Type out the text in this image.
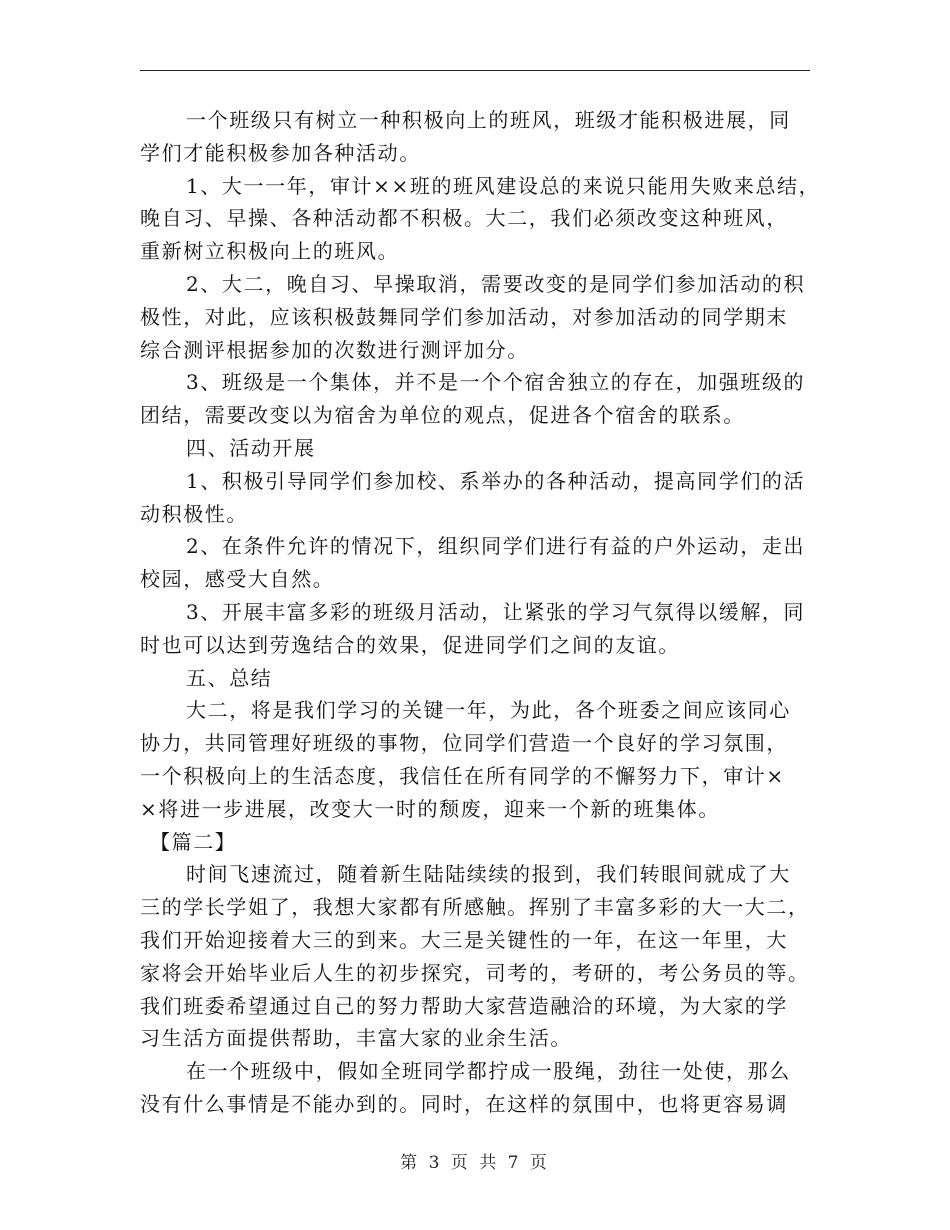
一个班级只有树立一种积极向上的班风，班级才能积极进展，同
学们才能积极参加各种活动。
1、大一一年，审计××班的班风建设总的来说只能用失败来总结，
晚自习、早操、各种活动都不积极。大二，我们必须改变这种班风，
重新树立积极向上的班风。
2、大二，晚自习、早操取消，需要改变的是同学们参加活动的积
极性，对此，应该积极鼓舞同学们参加活动，对参加活动的同学期末
综合测评根据参加的次数进行测评加分。
3、班级是一个集体，并不是一个个宿舍独立的存在，加强班级的
团结，需要改变以为宿舍为单位的观点，促进各个宿舍的联系。
四、活动开展
1、积极引导同学们参加校、系举办的各种活动，提高同学们的活
动积极性。
2、在条件允许的情况下，组织同学们进行有益的户外运动，走出
校园，感受大自然。
3、开展丰富多彩的班级月活动，让紧张的学习气氛得以缓解，同
时也可以达到劳逸结合的效果，促进同学们之间的友谊。
五、总结
大二，将是我们学习的关键一年，为此，各个班委之间应该同心
协力，共同管理好班级的事物，位同学们营造一个良好的学习氛围，
一个积极向上的生活态度，我信任在所有同学的不懈努力下，审计×
×将进一步进展，改变大一时的颓废，迎来一个新的班集体。
【篇二】
时间飞速流过，随着新生陆陆续续的报到，我们转眼间就成了大
三的学长学姐了，我想大家都有所感触。挥别了丰富多彩的大一大二，
我们开始迎接着大三的到来。大三是关键性的一年，在这一年里，大
家将会开始毕业后人生的初步探究，司考的，考研的，考公务员的等。
我们班委希望通过自己的努力帮助大家营造融洽的环境，为大家的学
习生活方面提供帮助，丰富大家的业余生活。
在一个班级中，假如全班同学都拧成一股绳，劲往一处使，那么
没有什么事情是不能办到的。同时，在这样的氛围中，也将更容易调
第 3 页 共 7 页
